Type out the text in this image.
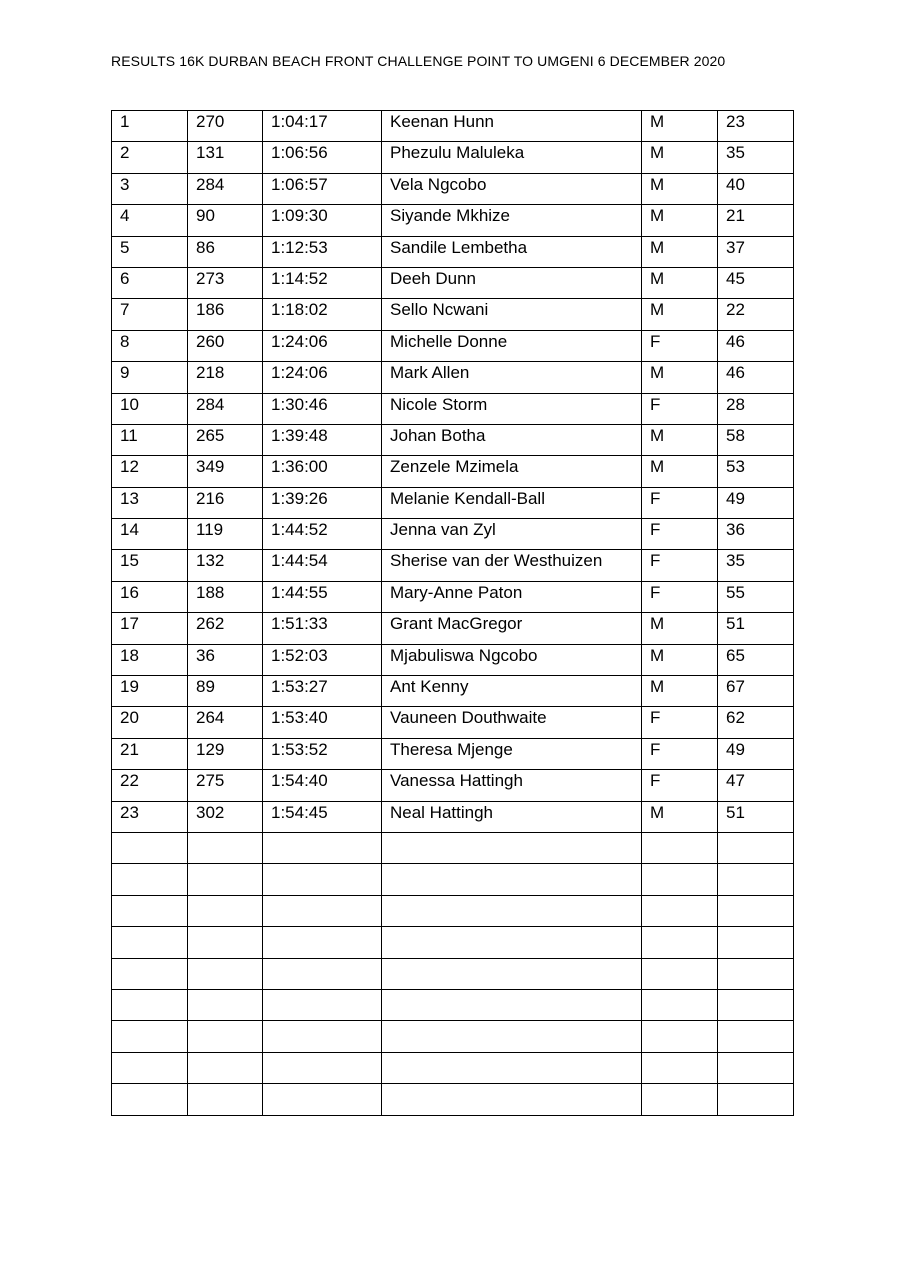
RESULTS 16K DURBAN BEACH FRONT CHALLENGE POINT TO UMGENI 6 DECEMBER 2020
1	270	1:04:17	Keenan Hunn	M	23
2	131	1:06:56	Phezulu Maluleka	M	35
3	284	1:06:57	Vela Ngcobo	M	40
4	90	1:09:30	Siyande Mkhize	M	21
5	86	1:12:53	Sandile Lembetha	M	37
6	273	1:14:52	Deeh Dunn	M	45
7	186	1:18:02	Sello Ncwani	M	22
8	260	1:24:06	Michelle Donne	F	46
9	218	1:24:06	Mark Allen	M	46
10	284	1:30:46	Nicole Storm	F	28
11	265	1:39:48	Johan Botha	M	58
12	349	1:36:00	Zenzele Mzimela	M	53
13	216	1:39:26	Melanie Kendall-Ball	F	49
14	119	1:44:52	Jenna van Zyl	F	36
15	132	1:44:54	Sherise van der Westhuizen	F	35
16	188	1:44:55	Mary-Anne Paton	F	55
17	262	1:51:33	Grant MacGregor	M	51
18	36	1:52:03	Mjabuliswa Ngcobo	M	65
19	89	1:53:27	Ant Kenny	M	67
20	264	1:53:40	Vauneen Douthwaite	F	62
21	129	1:53:52	Theresa Mjenge	F	49
22	275	1:54:40	Vanessa Hattingh	F	47
23	302	1:54:45	Neal Hattingh	M	51
